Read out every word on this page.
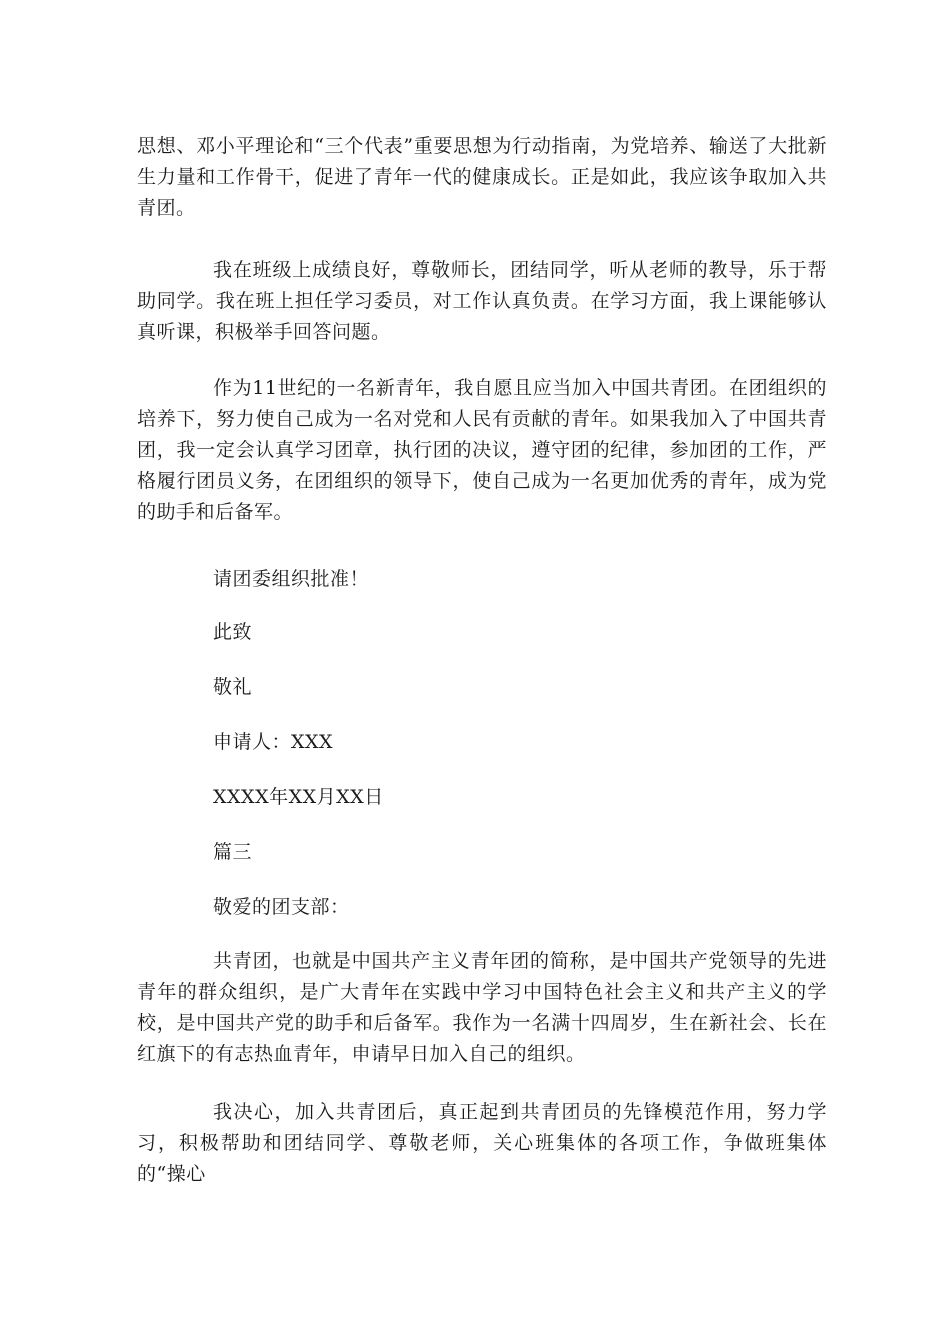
思想、邓小平理论和“三个代表”重要思想为行动指南，为党培养、输送了大批新生力量和工作骨干，促进了青年一代的健康成长。正是如此，我应该争取加入共青团。

我在班级上成绩良好，尊敬师长，团结同学，听从老师的教导，乐于帮助同学。我在班上担任学习委员，对工作认真负责。在学习方面，我上课能够认真听课，积极举手回答问题。

作为11世纪的一名新青年，我自愿且应当加入中国共青团。在团组织的培养下，努力使自己成为一名对党和人民有贡献的青年。如果我加入了中国共青团，我一定会认真学习团章，执行团的决议，遵守团的纪律，参加团的工作，严格履行团员义务，在团组织的领导下，使自己成为一名更加优秀的青年，成为党的助手和后备军。

请团委组织批准！

此致

敬礼

申请人：XXX

XXXX年XX月XX日

篇三

敬爱的团支部：

共青团，也就是中国共产主义青年团的简称，是中国共产党领导的先进青年的群众组织，是广大青年在实践中学习中国特色社会主义和共产主义的学校，是中国共产党的助手和后备军。我作为一名满十四周岁，生在新社会、长在红旗下的有志热血青年，申请早日加入自己的组织。

我决心，加入共青团后，真正起到共青团员的先锋模范作用，努力学习，积极帮助和团结同学、尊敬老师，关心班集体的各项工作，争做班集体的“操心
